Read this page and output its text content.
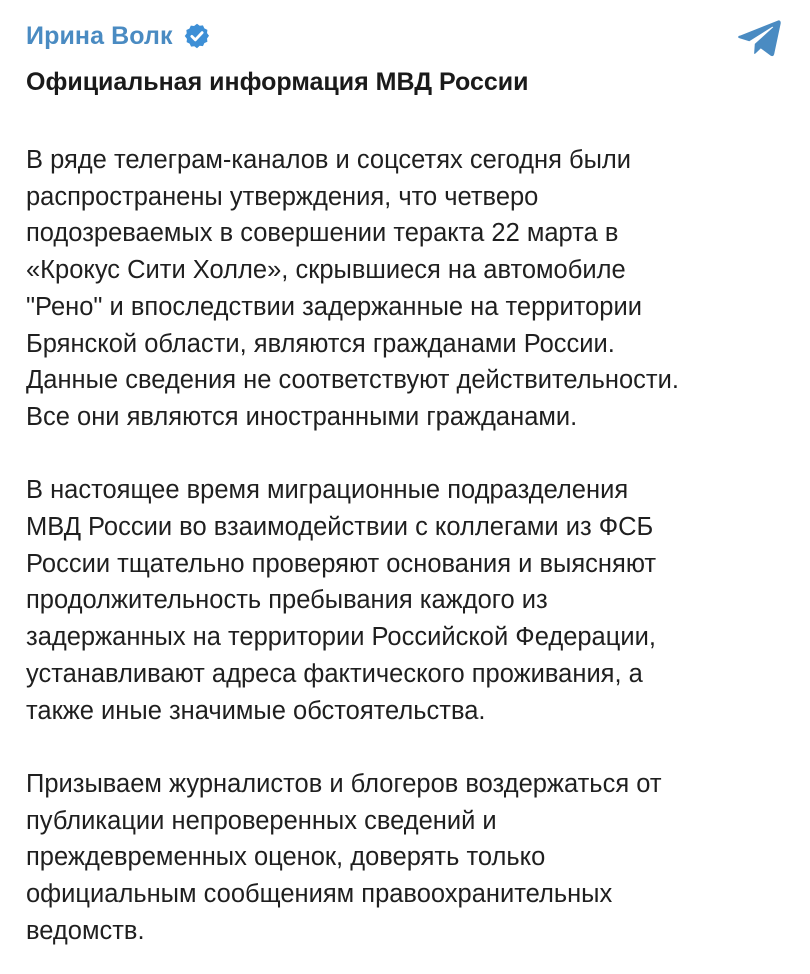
Ирина Волк
Официальная информация МВД России

В ряде телеграм-каналов и соцсетях сегодня были
распространены утверждения, что четверо
подозреваемых в совершении теракта 22 марта в
«Крокус Сити Холле», скрывшиеся на автомобиле
"Рено" и впоследствии задержанные на территории
Брянской области, являются гражданами России.
Данные сведения не соответствуют действительности.
Все они являются иностранными гражданами.

В настоящее время миграционные подразделения
МВД России во взаимодействии с коллегами из ФСБ
России тщательно проверяют основания и выясняют
продолжительность пребывания каждого из
задержанных на территории Российской Федерации,
устанавливают адреса фактического проживания, а
также иные значимые обстоятельства.

Призываем журналистов и блогеров воздержаться от
публикации непроверенных сведений и
преждевременных оценок, доверять только
официальным сообщениям правоохранительных
ведомств.
